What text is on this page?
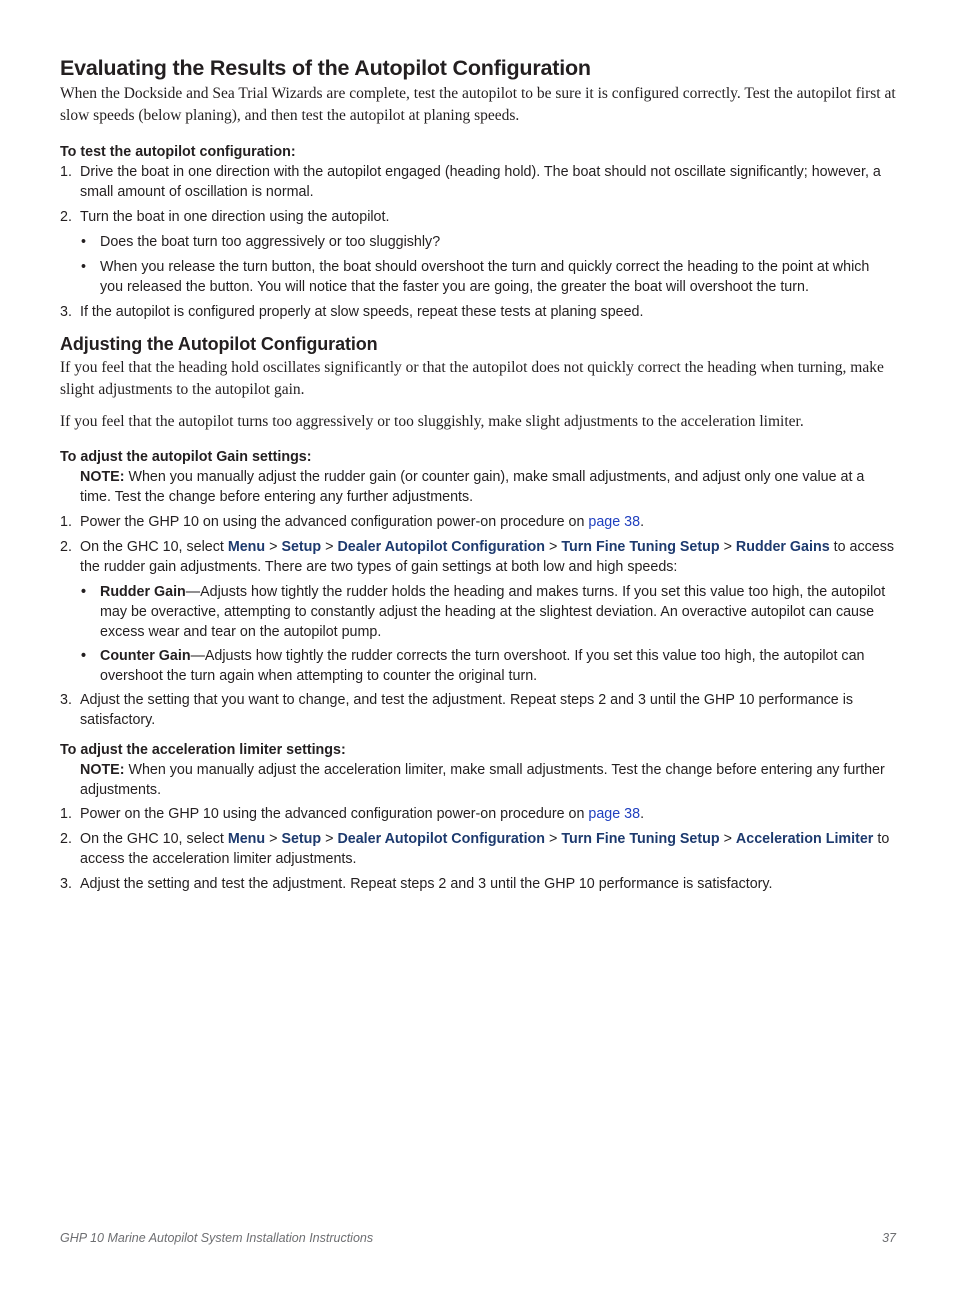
Evaluating the Results of the Autopilot Configuration

When the Dockside and Sea Trial Wizards are complete, test the autopilot to be sure it is configured correctly. Test the autopilot first at slow speeds (below planing), and then test the autopilot at planing speeds.

To test the autopilot configuration:

1. Drive the boat in one direction with the autopilot engaged (heading hold). The boat should not oscillate significantly; however, a small amount of oscillation is normal.
2. Turn the boat in one direction using the autopilot.
• Does the boat turn too aggressively or too sluggishly?
• When you release the turn button, the boat should overshoot the turn and quickly correct the heading to the point at which you released the button. You will notice that the faster you are going, the greater the boat will overshoot the turn.
3. If the autopilot is configured properly at slow speeds, repeat these tests at planing speed.
Adjusting the Autopilot Configuration

If you feel that the heading hold oscillates significantly or that the autopilot does not quickly correct the heading when turning, make slight adjustments to the autopilot gain.

If you feel that the autopilot turns too aggressively or too sluggishly, make slight adjustments to the acceleration limiter.

To adjust the autopilot Gain settings:

NOTE: When you manually adjust the rudder gain (or counter gain), make small adjustments, and adjust only one value at a time. Test the change before entering any further adjustments.

1. Power the GHP 10 on using the advanced configuration power-on procedure on page 38.
2. On the GHC 10, select Menu > Setup > Dealer Autopilot Configuration > Turn Fine Tuning Setup > Rudder Gains to access the rudder gain adjustments. There are two types of gain settings at both low and high speeds:
• Rudder Gain—Adjusts how tightly the rudder holds the heading and makes turns. If you set this value too high, the autopilot may be overactive, attempting to constantly adjust the heading at the slightest deviation. An overactive autopilot can cause excess wear and tear on the autopilot pump.
• Counter Gain—Adjusts how tightly the rudder corrects the turn overshoot. If you set this value too high, the autopilot can overshoot the turn again when attempting to counter the original turn.
3. Adjust the setting that you want to change, and test the adjustment. Repeat steps 2 and 3 until the GHP 10 performance is satisfactory.

To adjust the acceleration limiter settings:

NOTE: When you manually adjust the acceleration limiter, make small adjustments. Test the change before entering any further adjustments.

1. Power on the GHP 10 using the advanced configuration power-on procedure on page 38.
2. On the GHC 10, select Menu > Setup > Dealer Autopilot Configuration > Turn Fine Tuning Setup > Acceleration Limiter to access the acceleration limiter adjustments.
3. Adjust the setting and test the adjustment. Repeat steps 2 and 3 until the GHP 10 performance is satisfactory.
GHP 10 Marine Autopilot System Installation Instructions	37
